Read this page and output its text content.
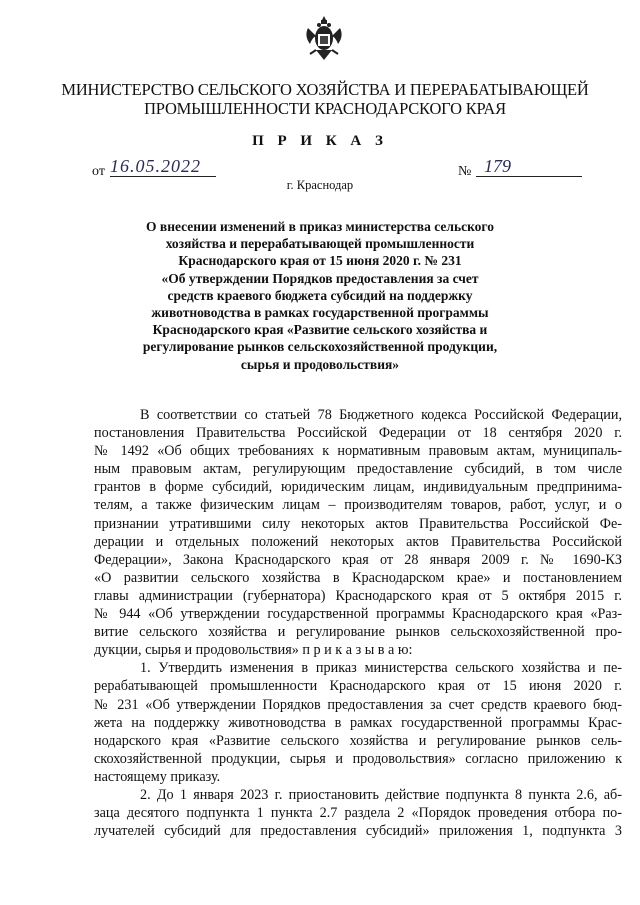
МИНИСТЕРСТВО СЕЛЬСКОГО ХОЗЯЙСТВА И ПЕРЕРАБАТЫВАЮЩЕЙ
ПРОМЫШЛЕННОСТИ КРАСНОДАРСКОГО КРАЯ
П Р И К А З
от 16.05.2022	№ 179
г. Краснодар
О внесении изменений в приказ министерства сельского
хозяйства и перерабатывающей промышленности
Краснодарского края от 15 июня 2020 г. № 231
«Об утверждении Порядков предоставления за счет
средств краевого бюджета субсидий на поддержку
животноводства в рамках государственной программы
Краснодарского края «Развитие сельского хозяйства и
регулирование рынков сельскохозяйственной продукции,
сырья и продовольствия»
В соответствии со статьей 78 Бюджетного кодекса Российской Федерации,
постановления Правительства Российской Федерации от 18 сентября 2020 г.
№ 1492 «Об общих требованиях к нормативным правовым актам, муниципаль-
ным правовым актам, регулирующим предоставление субсидий, в том числе
грантов в форме субсидий, юридическим лицам, индивидуальным предпринима-
телям, а также физическим лицам – производителям товаров, работ, услуг, и о
признании утратившими силу некоторых актов Правительства Российской Фе-
дерации и отдельных положений некоторых актов Правительства Российской
Федерации», Закона Краснодарского края от 28 января 2009 г. № 1690-КЗ
«О развитии сельского хозяйства в Краснодарском крае» и постановлением
главы администрации (губернатора) Краснодарского края от 5 октября 2015 г.
№ 944 «Об утверждении государственной программы Краснодарского края «Раз-
витие сельского хозяйства и регулирование рынков сельскохозяйственной про-
дукции, сырья и продовольствия» п р и к а з ы в а ю:
1. Утвердить изменения в приказ министерства сельского хозяйства и пе-
рерабатывающей промышленности Краснодарского края от 15 июня 2020 г.
№ 231 «Об утверждении Порядков предоставления за счет средств краевого бюд-
жета на поддержку животноводства в рамках государственной программы Крас-
нодарского края «Развитие сельского хозяйства и регулирование рынков сель-
скохозяйственной продукции, сырья и продовольствия» согласно приложению к
настоящему приказу.
2. До 1 января 2023 г. приостановить действие подпункта 8 пункта 2.6, аб-
заца десятого подпункта 1 пункта 2.7 раздела 2 «Порядок проведения отбора по-
лучателей субсидий для предоставления субсидий» приложения 1, подпункта 3
